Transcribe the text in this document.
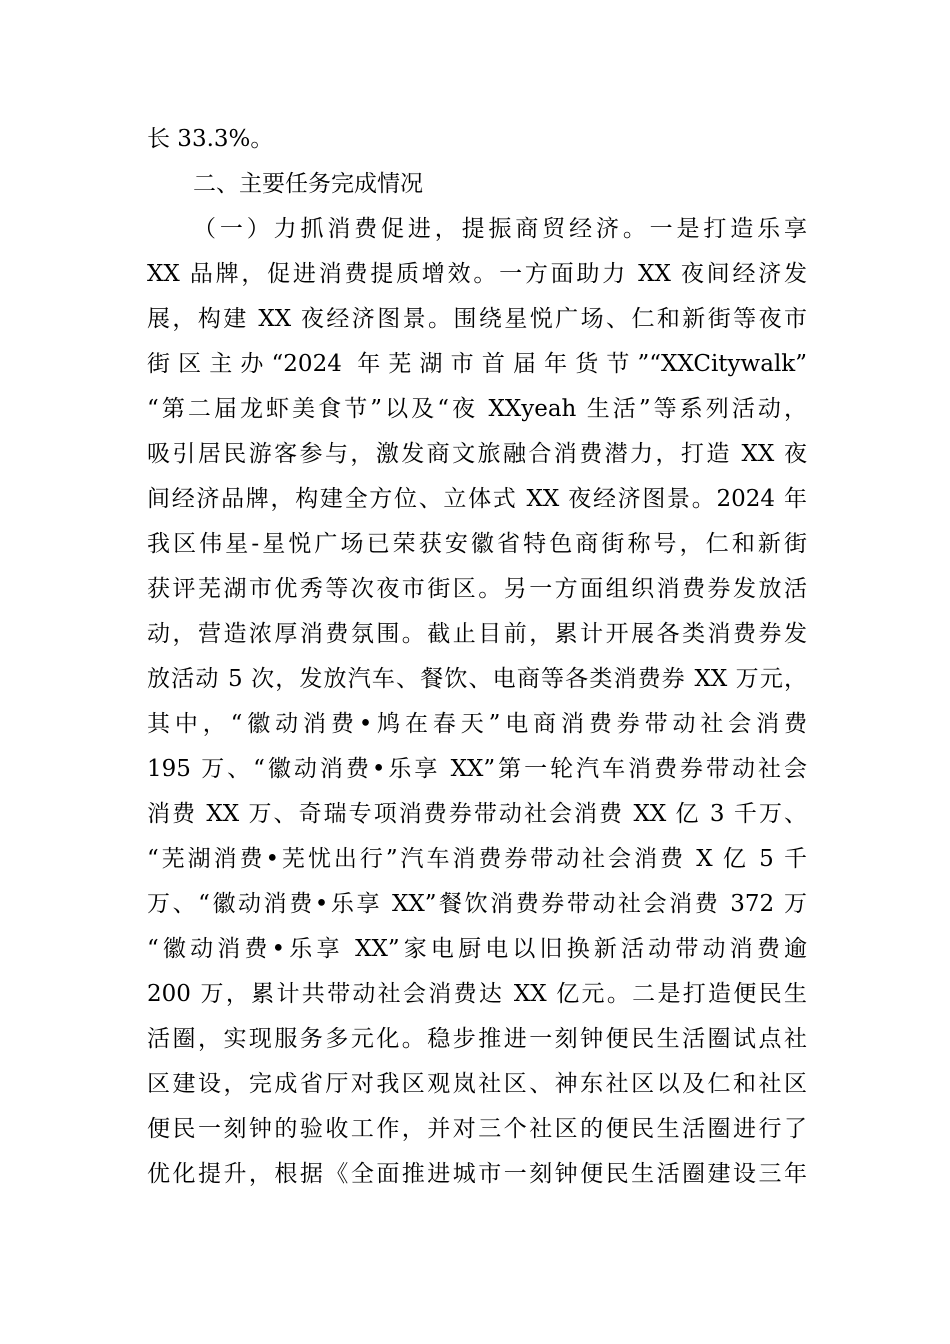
长 33.3%。
二、主要任务完成情况
（一）力抓消费促进，提振商贸经济。一是打造乐享
XX 品牌，促进消费提质增效。一方面助力 XX 夜间经济发
展，构建 XX 夜经济图景。围绕星悦广场、仁和新街等夜市
街区主办“2024 年芜湖市首届年货节”“XXCitywalk”
“第二届龙虾美食节”以及“夜 XXyeah 生活”等系列活动，
吸引居民游客参与，激发商文旅融合消费潜力，打造 XX 夜
间经济品牌，构建全方位、立体式 XX 夜经济图景。2024 年
我区伟星-星悦广场已荣获安徽省特色商街称号，仁和新街
获评芜湖市优秀等次夜市街区。另一方面组织消费券发放活
动，营造浓厚消费氛围。截止目前，累计开展各类消费券发
放活动 5 次，发放汽车、餐饮、电商等各类消费券 XX 万元，
其中，“徽动消费•鸠在春天”电商消费券带动社会消费
195 万、“徽动消费•乐享 XX”第一轮汽车消费券带动社会
消费 XX 万、奇瑞专项消费券带动社会消费 XX 亿 3 千万、
“芜湖消费•芜忧出行”汽车消费券带动社会消费 X 亿 5 千
万、“徽动消费•乐享 XX”餐饮消费券带动社会消费 372 万
“徽动消费•乐享 XX”家电厨电以旧换新活动带动消费逾
200 万，累计共带动社会消费达 XX 亿元。二是打造便民生
活圈，实现服务多元化。稳步推进一刻钟便民生活圈试点社
区建设，完成省厅对我区观岚社区、神东社区以及仁和社区
便民一刻钟的验收工作，并对三个社区的便民生活圈进行了
优化提升，根据《全面推进城市一刻钟便民生活圈建设三年
